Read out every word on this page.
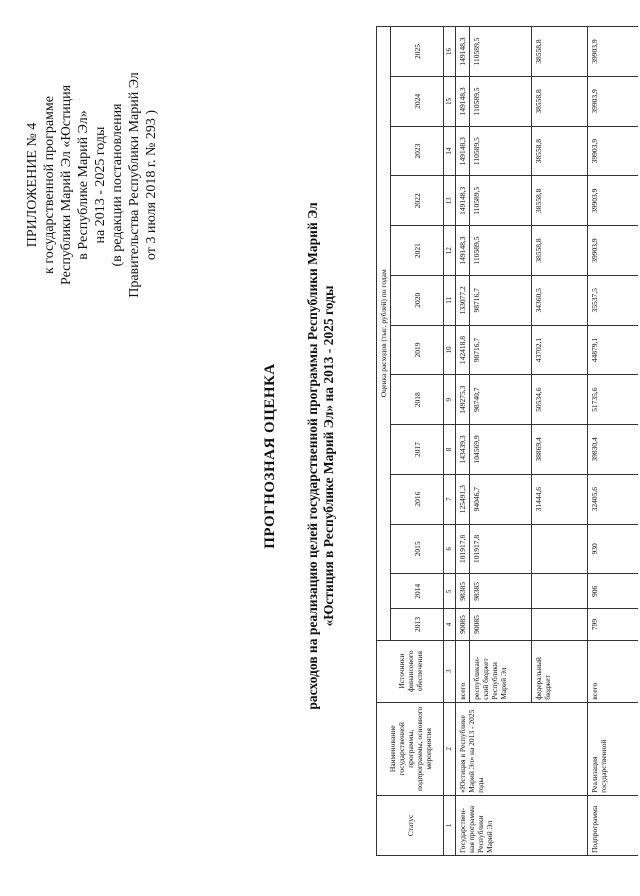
ПРИЛОЖЕНИЕ № 4 к государственной программе Республики Марий Эл «Юстиция в Республике Марий Эл» на 2013 - 2025 годы (в редакции постановления Правительства Республики Марий Эл от 3 июля 2018 г. № 293 )
ПРОГНОЗНАЯ ОЦЕНКА расходов на реализацию целей государственной программы Республики Марий Эл «Юстиция в Республике Марий Эл» на 2013 - 2025 годы
Статус	Наименование государственной программы, подпрограммы, основного мероприятия	Источники финансового обеспечения	Оценка расходов (тыс. рублей) по годам												
			2013	2014	2015	2016	2017	2018	2019	2020	2021	2022	2023	2024	2025
1	2	3	4	5	6	7	8	9	10	11	12	13	14	15	16
Государствен-ная программа Республики Марий Эл	«Юстиция в Республике Марий Эл» на 2013 - 2025 годы	всего	90085	98385	101917,8	125491,3	143439,3	149275,3	142418,8	133077,2	149148,3	149148,3	149148,3	149148,3	149148,3
		республикан-ский бюджет Республики Марий Эл	90085	98385	101917,8	94046,7	104569,9	98740,7	98716,7	98716,7	110589,5	110589,5	110589,5	110589,5	110589,5
		федеральный бюджет				31444,6	38869,4	50534,6	43702,1	34360,5	38558,8	38558,8	38558,8	38558,8	38558,8
Подпрограмма	Реализация государственной	всего	799	906	930	32405,6	39830,4	51735,6	44879,1	35537,5	39903,9	39903,9	39903,9	39903,9	39903,9
